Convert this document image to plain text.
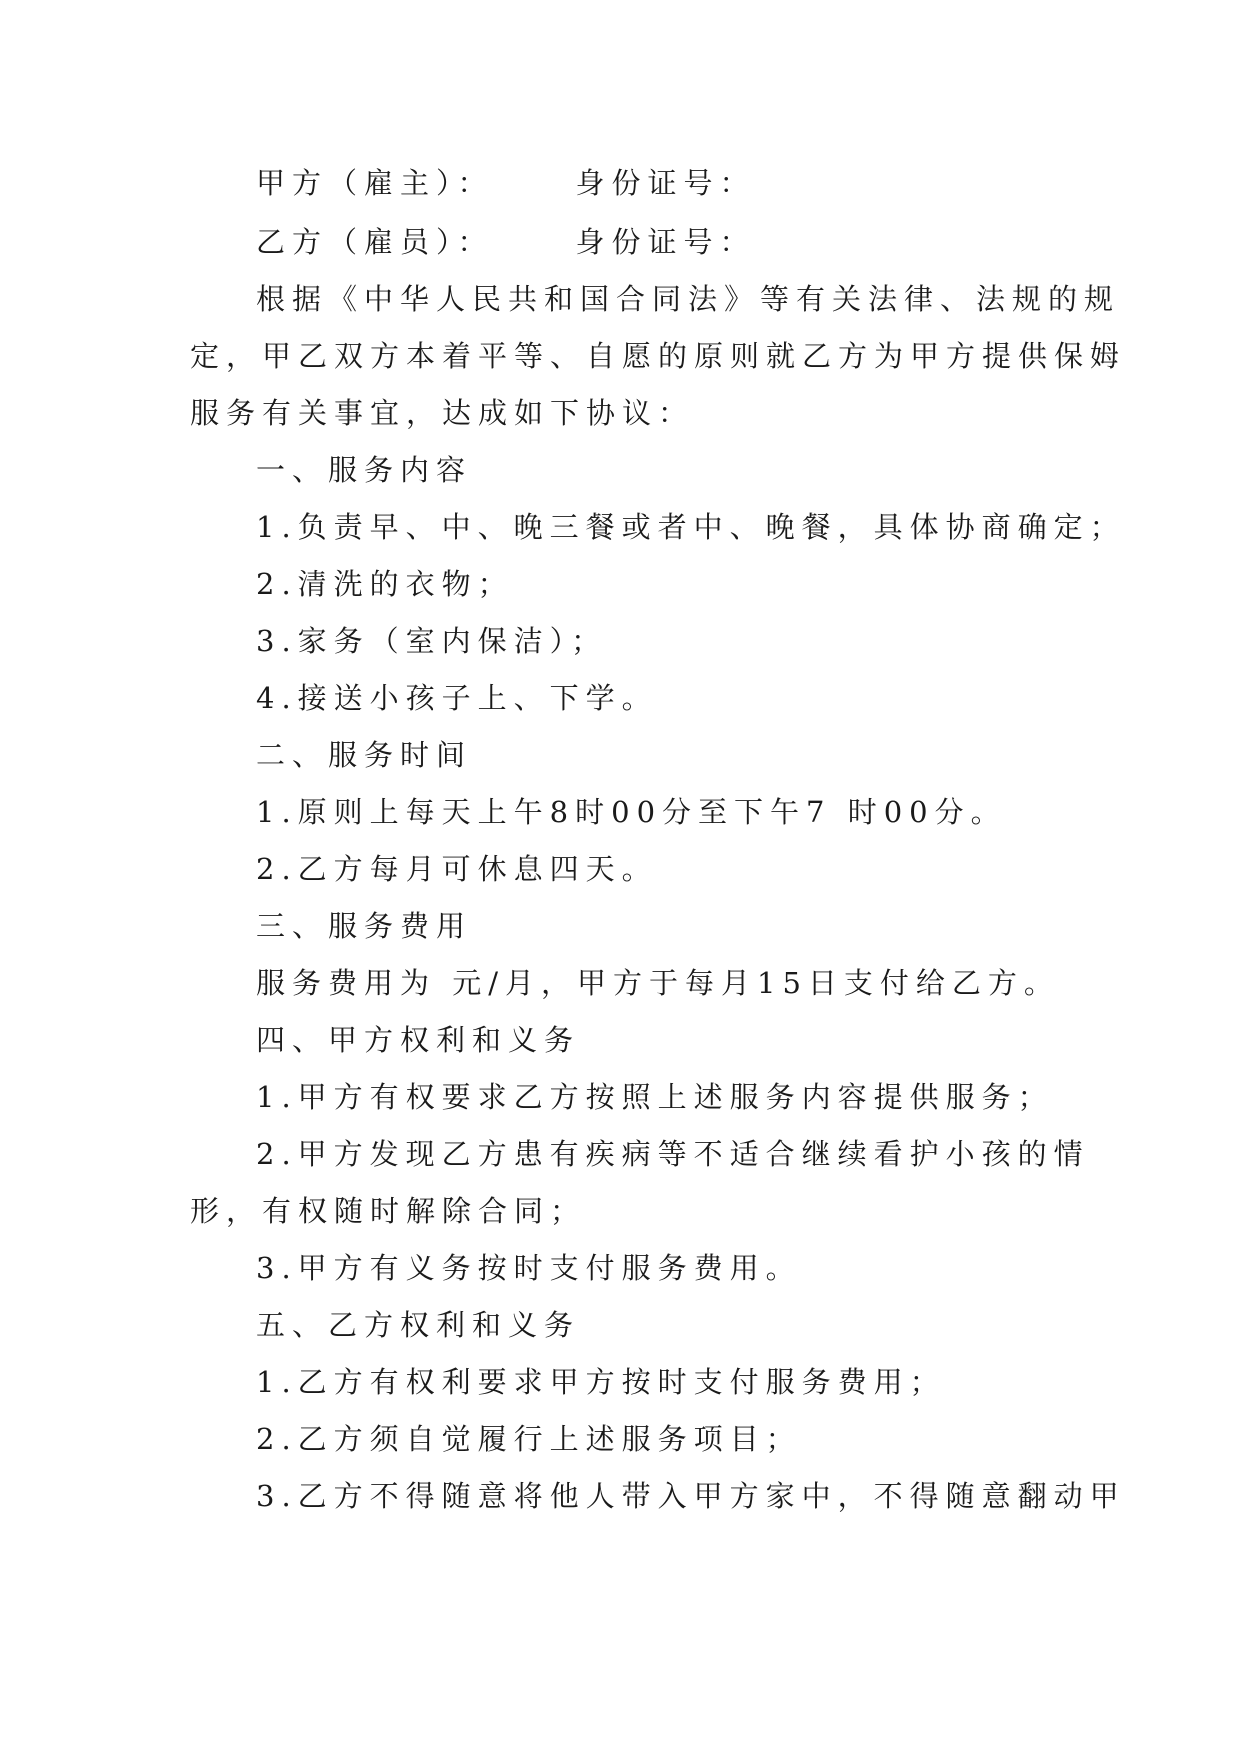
甲方（雇主）：	身份证号：
乙方（雇员）：	身份证号：
根据《中华人民共和国合同法》等有关法律、法规的规
定，甲乙双方本着平等、自愿的原则就乙方为甲方提供保姆
服务有关事宜，达成如下协议：
一、服务内容
1.负责早、中、晚三餐或者中、晚餐，具体协商确定；
2.清洗的衣物；
3.家务（室内保洁）；
4.接送小孩子上、下学。
二、服务时间
1.原则上每天上午8时00分至下午7 时00分。
2.乙方每月可休息四天。
三、服务费用
服务费用为 元/月，甲方于每月15日支付给乙方。
四、甲方权利和义务
1.甲方有权要求乙方按照上述服务内容提供服务；
2.甲方发现乙方患有疾病等不适合继续看护小孩的情
形，有权随时解除合同；
3.甲方有义务按时支付服务费用。
五、乙方权利和义务
1.乙方有权利要求甲方按时支付服务费用；
2.乙方须自觉履行上述服务项目；
3.乙方不得随意将他人带入甲方家中，不得随意翻动甲
